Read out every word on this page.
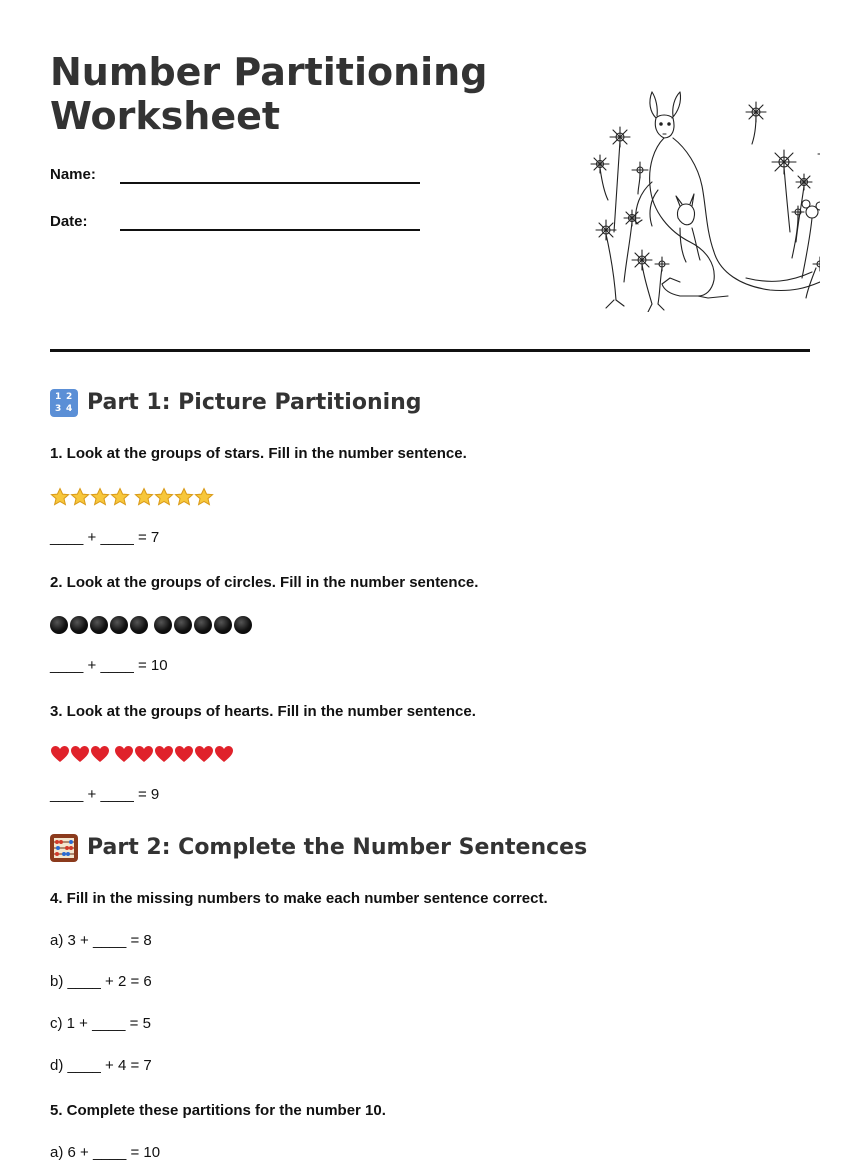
Number Partitioning Worksheet
Name:
Date:
1 2
3 4 Part 1: Picture Partitioning

1. Look at the groups of stars. Fill in the number sentence.

____ + ____ = 7

2. Look at the groups of circles. Fill in the number sentence.

____ + ____ = 10

3. Look at the groups of hearts. Fill in the number sentence.

____ + ____ = 9
Part 2: Complete the Number Sentences

4. Fill in the missing numbers to make each number sentence correct.

a) 3 + ____ = 8
b) ____ + 2 = 6
c) 1 + ____ = 5
d) ____ + 4 = 7

5. Complete these partitions for the number 10.

a) 6 + ____ = 10
